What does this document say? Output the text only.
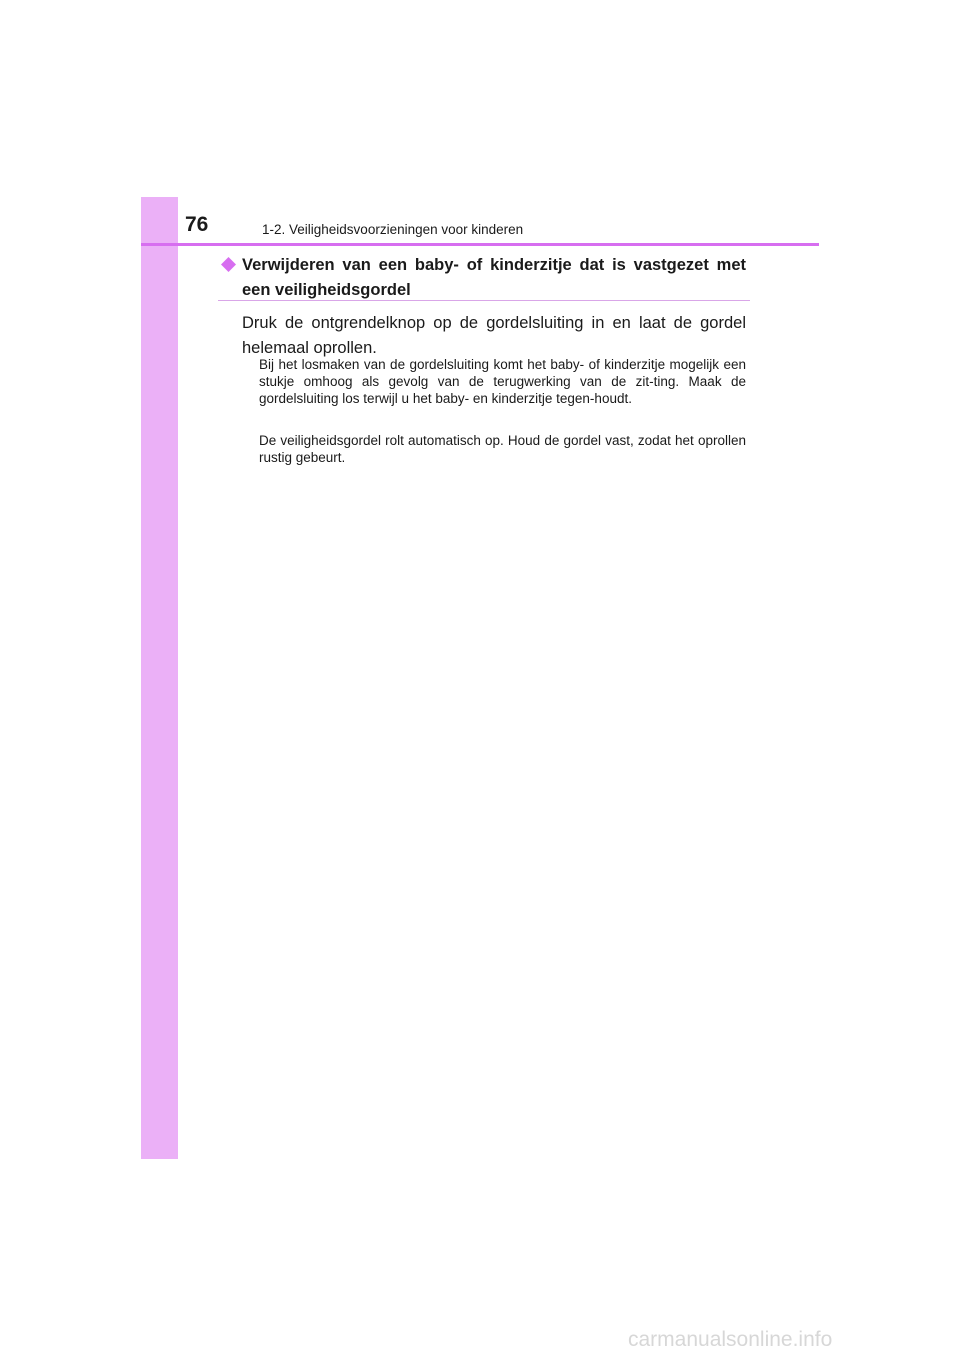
76	1-2. Veiligheidsvoorzieningen voor kinderen
Verwijderen van een baby- of kinderzitje dat is vastgezet met een veiligheidsgordel
Druk de ontgrendelknop op de gordelsluiting in en laat de gordel helemaal oprollen.
Bij het losmaken van de gordelsluiting komt het baby- of kinderzitje mogelijk een stukje omhoog als gevolg van de terugwerking van de zit-ting. Maak de gordelsluiting los terwijl u het baby- en kinderzitje tegen-houdt.
De veiligheidsgordel rolt automatisch op. Houd de gordel vast, zodat het oprollen rustig gebeurt.
carmanualsonline.info
